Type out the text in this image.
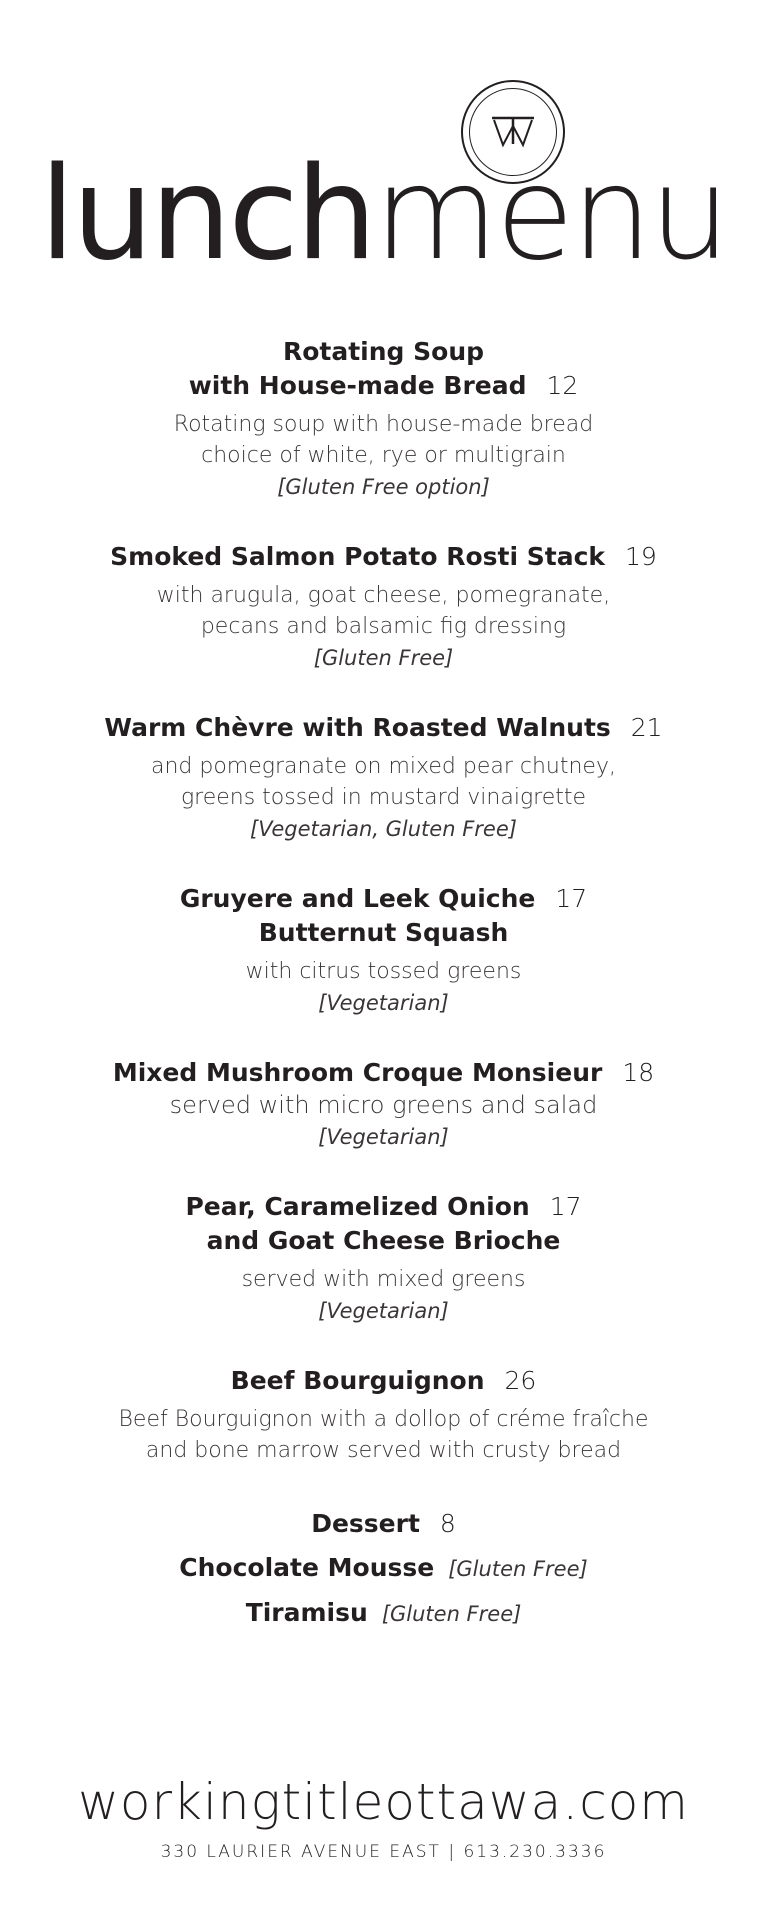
lunchmenu
Rotating Soup
with House-made Bread 12
Rotating soup with house-made bread
choice of white, rye or multigrain
[Gluten Free option]
Smoked Salmon Potato Rosti Stack 19
with arugula, goat cheese, pomegranate,
pecans and balsamic fig dressing
[Gluten Free]
Warm Chèvre with Roasted Walnuts 21
and pomegranate on mixed pear chutney,
greens tossed in mustard vinaigrette
[Vegetarian, Gluten Free]
Gruyere and Leek Quiche 17
Butternut Squash
with citrus tossed greens
[Vegetarian]
Mixed Mushroom Croque Monsieur 18
served with micro greens and salad
[Vegetarian]
Pear, Caramelized Onion 17
and Goat Cheese Brioche
served with mixed greens
[Vegetarian]
Beef Bourguignon 26
Beef Bourguignon with a dollop of créme fraîche
and bone marrow served with crusty bread
Dessert 8
Chocolate Mousse [Gluten Free]
Tiramisu [Gluten Free]
workingtitleottawa.com
330 LAURIER AVENUE EAST | 613.230.3336
